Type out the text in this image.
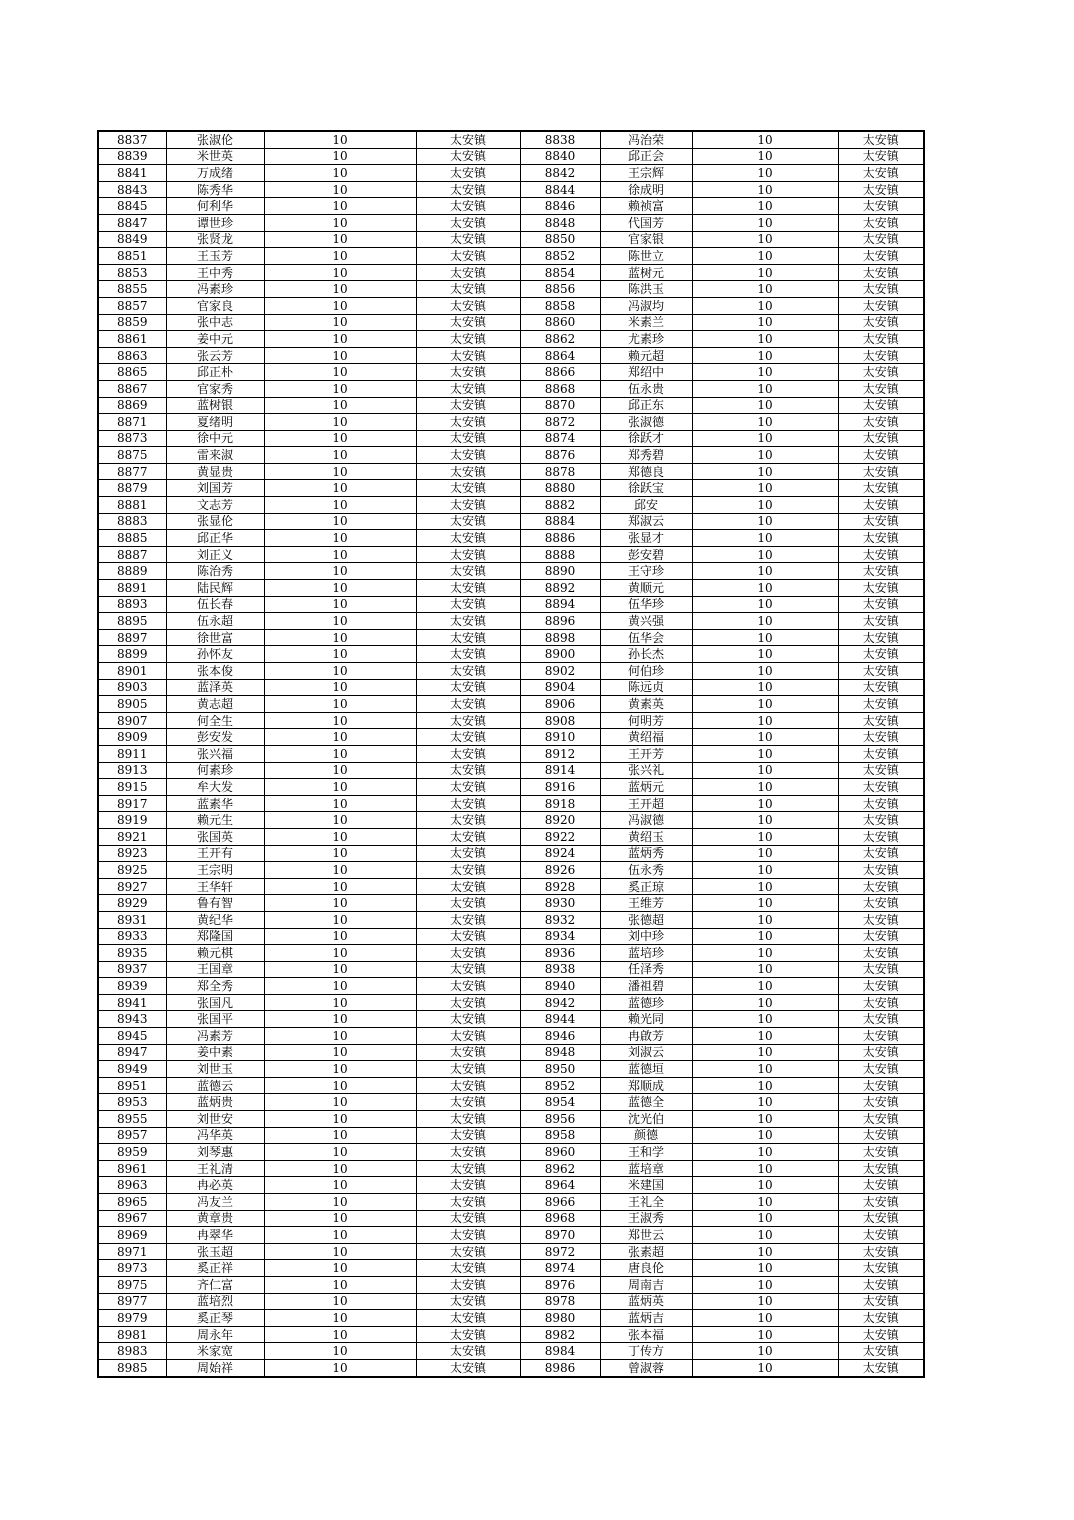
8837	张淑伦	10	太安镇	8838	冯治荣	10	太安镇
8839	米世英	10	太安镇	8840	邱正会	10	太安镇
8841	万成绪	10	太安镇	8842	王宗辉	10	太安镇
8843	陈秀华	10	太安镇	8844	徐成明	10	太安镇
8845	何利华	10	太安镇	8846	赖祯富	10	太安镇
8847	谭世珍	10	太安镇	8848	代国芳	10	太安镇
8849	张贤龙	10	太安镇	8850	官家银	10	太安镇
8851	王玉芳	10	太安镇	8852	陈世立	10	太安镇
8853	王中秀	10	太安镇	8854	蓝树元	10	太安镇
8855	冯素珍	10	太安镇	8856	陈洪玉	10	太安镇
8857	官家良	10	太安镇	8858	冯淑均	10	太安镇
8859	张中志	10	太安镇	8860	米素兰	10	太安镇
8861	姜中元	10	太安镇	8862	尤素珍	10	太安镇
8863	张云芳	10	太安镇	8864	赖元超	10	太安镇
8865	邱正朴	10	太安镇	8866	郑绍中	10	太安镇
8867	官家秀	10	太安镇	8868	伍永贵	10	太安镇
8869	蓝树银	10	太安镇	8870	邱正东	10	太安镇
8871	夏绪明	10	太安镇	8872	张淑德	10	太安镇
8873	徐中元	10	太安镇	8874	徐跃才	10	太安镇
8875	雷来淑	10	太安镇	8876	郑秀碧	10	太安镇
8877	黄显贵	10	太安镇	8878	郑德良	10	太安镇
8879	刘国芳	10	太安镇	8880	徐跃宝	10	太安镇
8881	文志芳	10	太安镇	8882	邱安	10	太安镇
8883	张显伦	10	太安镇	8884	郑淑云	10	太安镇
8885	邱正华	10	太安镇	8886	张显才	10	太安镇
8887	刘正义	10	太安镇	8888	彭安碧	10	太安镇
8889	陈治秀	10	太安镇	8890	王守珍	10	太安镇
8891	陆民辉	10	太安镇	8892	黄顺元	10	太安镇
8893	伍长春	10	太安镇	8894	伍华珍	10	太安镇
8895	伍永超	10	太安镇	8896	黄兴强	10	太安镇
8897	徐世富	10	太安镇	8898	伍华会	10	太安镇
8899	孙怀友	10	太安镇	8900	孙长杰	10	太安镇
8901	张本俊	10	太安镇	8902	何伯珍	10	太安镇
8903	蓝泽英	10	太安镇	8904	陈远贞	10	太安镇
8905	黄志超	10	太安镇	8906	黄素英	10	太安镇
8907	何全生	10	太安镇	8908	何明芳	10	太安镇
8909	彭安发	10	太安镇	8910	黄绍福	10	太安镇
8911	张兴福	10	太安镇	8912	王开芳	10	太安镇
8913	何素珍	10	太安镇	8914	张兴礼	10	太安镇
8915	牟大发	10	太安镇	8916	蓝炳元	10	太安镇
8917	蓝素华	10	太安镇	8918	王开超	10	太安镇
8919	赖元生	10	太安镇	8920	冯淑德	10	太安镇
8921	张国英	10	太安镇	8922	黄绍玉	10	太安镇
8923	王开有	10	太安镇	8924	蓝炳秀	10	太安镇
8925	王宗明	10	太安镇	8926	伍永秀	10	太安镇
8927	王华轩	10	太安镇	8928	奚正琼	10	太安镇
8929	鲁有智	10	太安镇	8930	王维芳	10	太安镇
8931	黄纪华	10	太安镇	8932	张德超	10	太安镇
8933	郑隆国	10	太安镇	8934	刘中珍	10	太安镇
8935	赖元棋	10	太安镇	8936	蓝培珍	10	太安镇
8937	王国章	10	太安镇	8938	任泽秀	10	太安镇
8939	郑全秀	10	太安镇	8940	潘祖碧	10	太安镇
8941	张国凡	10	太安镇	8942	蓝德珍	10	太安镇
8943	张国平	10	太安镇	8944	赖光同	10	太安镇
8945	冯素芳	10	太安镇	8946	冉啟芳	10	太安镇
8947	姜中素	10	太安镇	8948	刘淑云	10	太安镇
8949	刘世玉	10	太安镇	8950	蓝德垣	10	太安镇
8951	蓝德云	10	太安镇	8952	郑顺成	10	太安镇
8953	蓝炳贵	10	太安镇	8954	蓝德全	10	太安镇
8955	刘世安	10	太安镇	8956	沈光伯	10	太安镇
8957	冯华英	10	太安镇	8958	颜德	10	太安镇
8959	刘琴惠	10	太安镇	8960	王和学	10	太安镇
8961	王礼清	10	太安镇	8962	蓝培章	10	太安镇
8963	冉必英	10	太安镇	8964	米建国	10	太安镇
8965	冯友兰	10	太安镇	8966	王礼全	10	太安镇
8967	黄章贵	10	太安镇	8968	王淑秀	10	太安镇
8969	冉翠华	10	太安镇	8970	郑世云	10	太安镇
8971	张玉超	10	太安镇	8972	张素超	10	太安镇
8973	奚正祥	10	太安镇	8974	唐良伦	10	太安镇
8975	齐仁富	10	太安镇	8976	周南吉	10	太安镇
8977	蓝培烈	10	太安镇	8978	蓝炳英	10	太安镇
8979	奚正琴	10	太安镇	8980	蓝炳吉	10	太安镇
8981	周永年	10	太安镇	8982	张本福	10	太安镇
8983	米家宽	10	太安镇	8984	丁传方	10	太安镇
8985	周始祥	10	太安镇	8986	曾淑蓉	10	太安镇
